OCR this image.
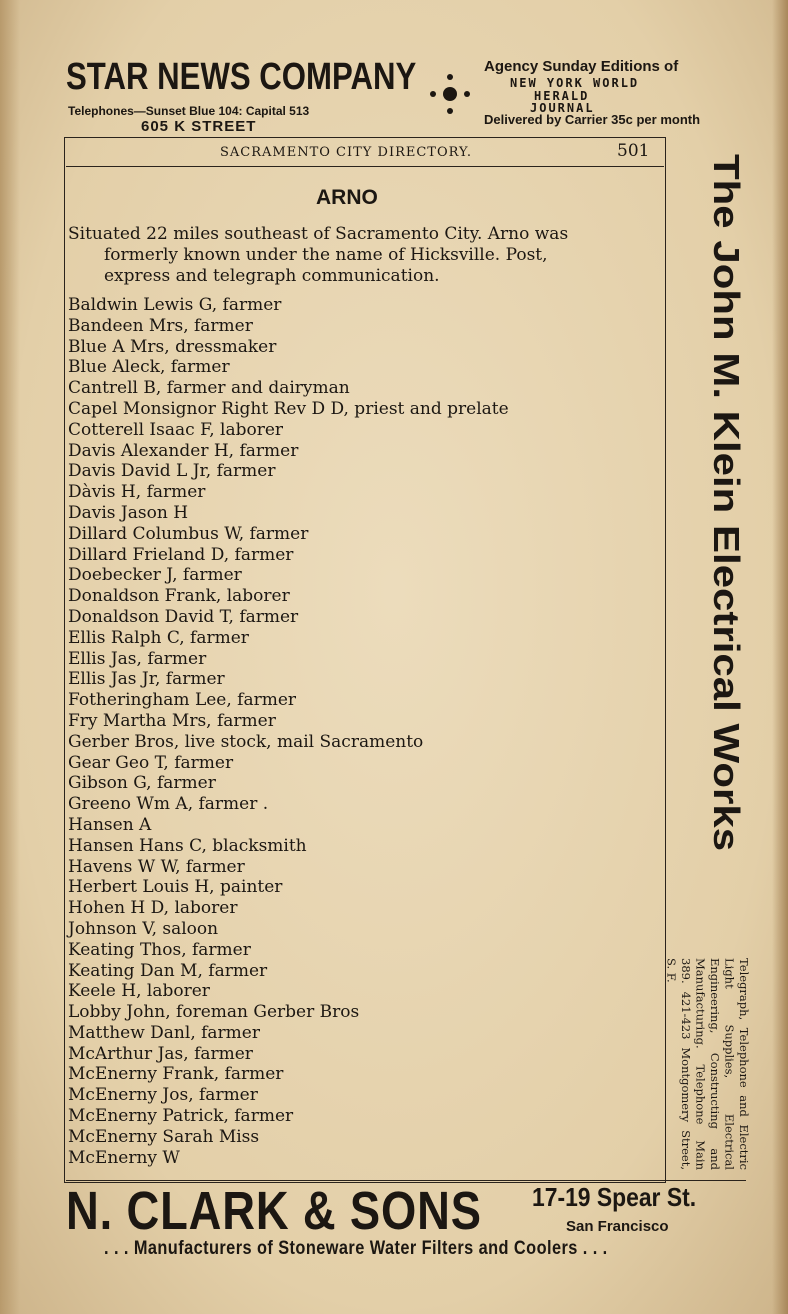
STAR NEWS COMPANY
Telephones—Sunset Blue 104: Capital 513
605 K STREET
Agency Sunday Editions of
NEW YORK WORLD
HERALD
JOURNAL
Delivered by Carrier 35c per month
SACRAMENTO CITY DIRECTORY.	501
ARNO
Situated 22 miles southeast of Sacramento City. Arno was
formerly known under the name of Hicksville. Post,
express and telegraph communication.
Baldwin Lewis G, farmer
Bandeen Mrs, farmer
Blue A Mrs, dressmaker
Blue Aleck, farmer
Cantrell B, farmer and dairyman
Capel Monsignor Right Rev D D, priest and prelate
Cotterell Isaac F, laborer
Davis Alexander H, farmer
Davis David L Jr, farmer
Dàvis H, farmer
Davis Jason H
Dillard Columbus W, farmer
Dillard Frieland D, farmer
Doebecker J, farmer
Donaldson Frank, laborer
Donaldson David T, farmer
Ellis Ralph C, farmer
Ellis Jas, farmer
Ellis Jas Jr, farmer
Fotheringham Lee, farmer
Fry Martha Mrs, farmer
Gerber Bros, live stock, mail Sacramento
Gear Geo T, farmer
Gibson G, farmer
Greeno Wm A, farmer .
Hansen A
Hansen Hans C, blacksmith
Havens W W, farmer
Herbert Louis H, painter
Hohen H D, laborer
Johnson V, saloon
Keating Thos, farmer
Keating Dan M, farmer
Keele H, laborer
Lobby John, foreman Gerber Bros
Matthew Danl, farmer
McArthur Jas, farmer
McEnerny Frank, farmer
McEnerny Jos, farmer
McEnerny Patrick, farmer
McEnerny Sarah Miss
McEnerny W
The John M. Klein Electrical Works
Telegraph, Telephone and Electric Light Supplies, Electrical Engineering, Constructing and Manufacturing. Telephone Main 389. 421-423 Montgomery Street, S. F.
N. CLARK & SONS 17-19 Spear St.
San Francisco
. . . Manufacturers of Stoneware Water Filters and Coolers . . .
